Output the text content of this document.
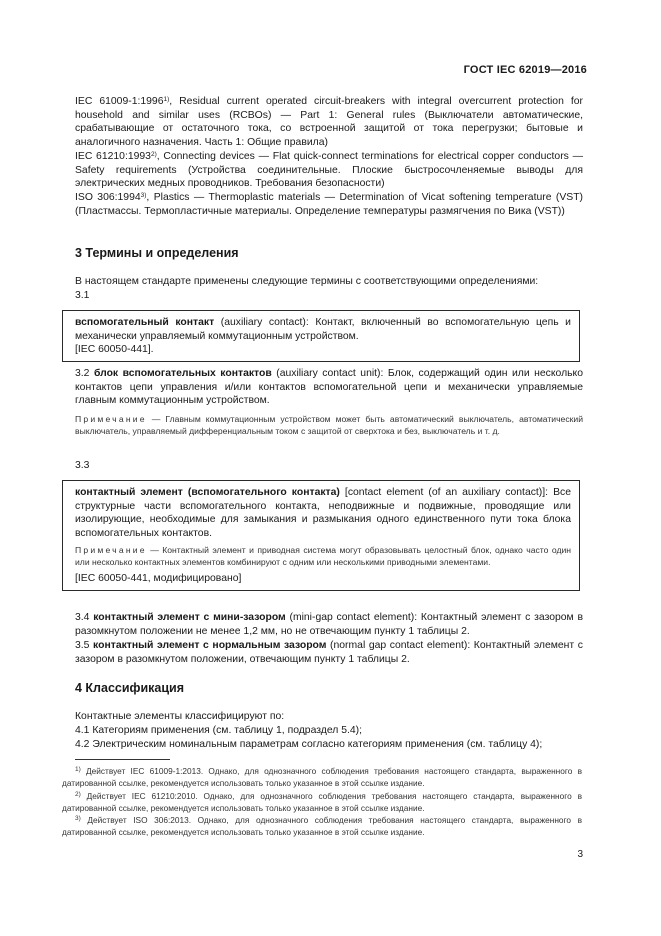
ГОСТ IEC 62019—2016
IEC 61009-1:1996$^{1)}$, Residual current operated circuit-breakers with integral overcurrent protection for household and similar uses (RCBOs) — Part 1: General rules (Выключатели автоматические, срабатывающие от остаточного тока, со встроенной защитой от тока перегрузки; бытовые и аналогичного назначения. Часть 1: Общие правила)
IEC 61210:1993$^{2)}$, Connecting devices — Flat quick-connect terminations for electrical copper conductors — Safety requirements (Устройства соединительные. Плоские быстросочленяемые выводы для электрических медных проводников. Требования безопасности)
ISO 306:1994$^{3)}$, Plastics — Thermoplastic materials — Determination of Vicat softening temperature (VST) (Пластмассы. Термопластичные материалы. Определение температуры размягчения по Вика (VST))
3 Термины и определения
В настоящем стандарте применены следующие термины с соответствующими определениями:
3.1
вспомогательный контакт (auxiliary contact): Контакт, включенный во вспомогательную цепь и механически управляемый коммутационным устройством.
[IEC 60050-441].
3.2 блок вспомогательных контактов (auxiliary contact unit): Блок, содержащий один или несколько контактов цепи управления и/или контактов вспомогательной цепи и механически управляемые главным коммутационным устройством.
Примечание — Главным коммутационным устройством может быть автоматический выключатель, автоматический выключатель, управляемый дифференциальным током с защитой от сверхтока и без, выключатель и т. д.
3.3
контактный элемент (вспомогательного контакта) [contact element (of an auxiliary contact)]: Все структурные части вспомогательного контакта, неподвижные и подвижные, проводящие или изолирующие, необходимые для замыкания и размыкания одного единственного пути тока блока вспомогательных контактов.
Примечание — Контактный элемент и приводная система могут образовывать целостный блок, однако часто один или несколько контактных элементов комбинируют с одним или несколькими приводными элементами.
[IEC 60050-441, модифицировано]
3.4 контактный элемент с мини-зазором (mini-gap contact element): Контактный элемент с зазором в разомкнутом положении не менее 1,2 мм, но не отвечающим пункту 1 таблицы 2.
3.5 контактный элемент с нормальным зазором (normal gap contact element): Контактный элемент с зазором в разомкнутом положении, отвечающим пункту 1 таблицы 2.
4 Классификация
Контактные элементы классифицируют по:
4.1 Категориям применения (см. таблицу 1, подраздел 5.4);
4.2 Электрическим номинальным параметрам согласно категориям применения (см. таблицу 4);
$^{1)}$ Действует IEC 61009-1:2013. Однако, для однозначного соблюдения требования настоящего стандарта, выраженного в датированной ссылке, рекомендуется использовать только указанное в этой ссылке издание.
$^{2)}$ Действует IEC 61210:2010. Однако, для однозначного соблюдения требования настоящего стандарта, выраженного в датированной ссылке, рекомендуется использовать только указанное в этой ссылке издание.
$^{3)}$ Действует ISO 306:2013. Однако, для однозначного соблюдения требования настоящего стандарта, выраженного в датированной ссылке, рекомендуется использовать только указанное в этой ссылке издание.
3
